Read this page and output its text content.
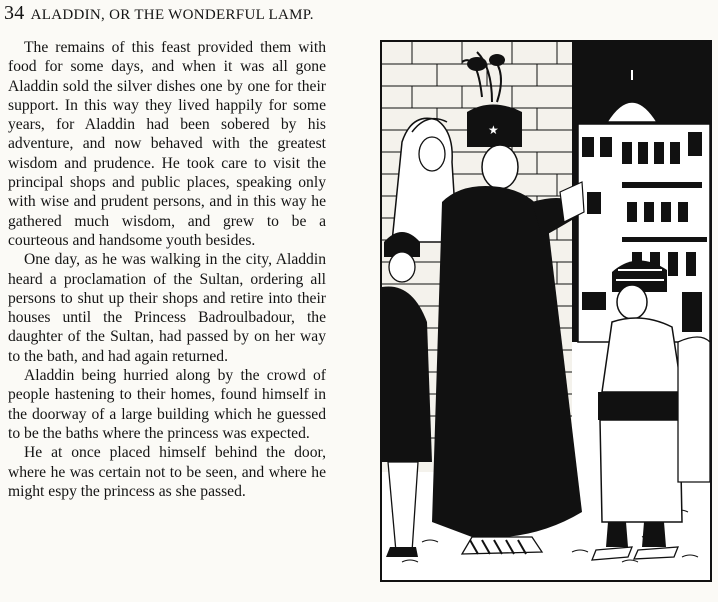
34 ALADDIN, OR THE WONDERFUL LAMP.

The remains of this feast provided them with food for some days, and when it was all gone Aladdin sold the silver dishes one by one for their support. In this way they lived happily for some years, for Aladdin had been sobered by his adventure, and now behaved with the greatest wisdom and prudence. He took care to visit the principal shops and public places, speaking only with wise and prudent persons, and in this way he gathered much wisdom, and grew to be a courteous and handsome youth besides.

One day, as he was walking in the city, Aladdin heard a proclamation of the Sultan, ordering all persons to shut up their shops and retire into their houses until the Princess Badroulbadour, the daughter of the Sultan, had passed by on her way to the bath, and had again returned.

Aladdin being hurried along by the crowd of people hastening to their homes, found himself in the doorway of a large building which he guessed to be the baths where the princess was expected.

He at once placed himself behind the door, where he was certain not to be seen, and where he might espy the princess as she passed.

★
